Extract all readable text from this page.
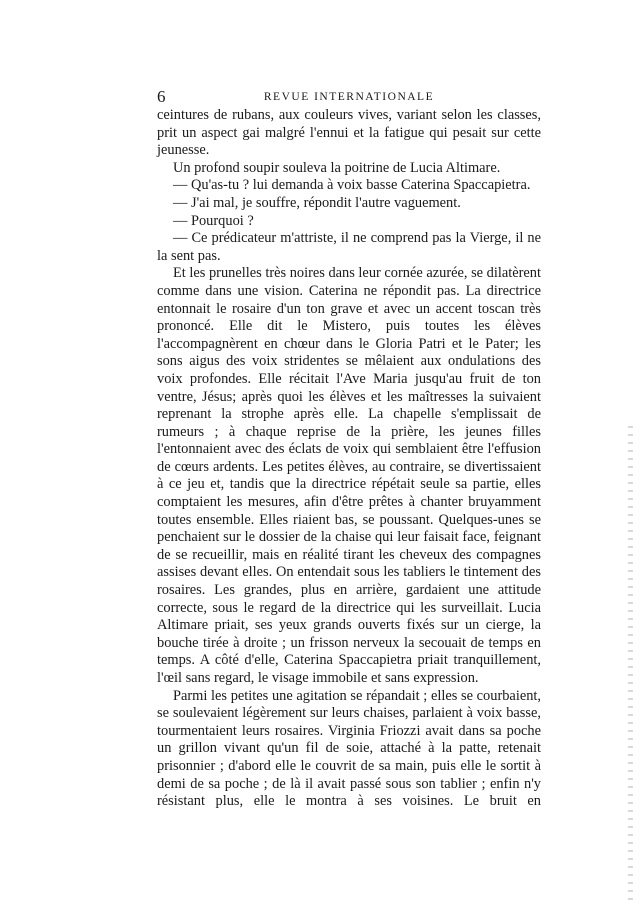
6	REVUE INTERNATIONALE

ceintures de rubans, aux couleurs vives, variant selon les classes, prit un aspect gai malgré l'ennui et la fatigue qui pesait sur cette jeunesse.

Un profond soupir souleva la poitrine de Lucia Altimare.

— Qu'as-tu ? lui demanda à voix basse Caterina Spaccapietra.

— J'ai mal, je souffre, répondit l'autre vaguement.

— Pourquoi ?

— Ce prédicateur m'attriste, il ne comprend pas la Vierge, il ne la sent pas.

Et les prunelles très noires dans leur cornée azurée, se dilatèrent comme dans une vision. Caterina ne répondit pas. La directrice entonnait le rosaire d'un ton grave et avec un accent toscan très prononcé. Elle dit le Mistero, puis toutes les élèves l'accompagnèrent en chœur dans le Gloria Patri et le Pater; les sons aigus des voix stridentes se mêlaient aux ondulations des voix profondes. Elle récitait l'Ave Maria jusqu'au fruit de ton ventre, Jésus; après quoi les élèves et les maîtresses la suivaient reprenant la strophe après elle. La chapelle s'emplissait de rumeurs ; à chaque reprise de la prière, les jeunes filles l'entonnaient avec des éclats de voix qui semblaient être l'effusion de cœurs ardents. Les petites élèves, au contraire, se divertissaient à ce jeu et, tandis que la directrice répétait seule sa partie, elles comptaient les mesures, afin d'être prêtes à chanter bruyamment toutes ensemble. Elles riaient bas, se poussant. Quelques-unes se penchaient sur le dossier de la chaise qui leur faisait face, feignant de se recueillir, mais en réalité tirant les cheveux des compagnes assises devant elles. On entendait sous les tabliers le tintement des rosaires. Les grandes, plus en arrière, gardaient une attitude correcte, sous le regard de la directrice qui les surveillait. Lucia Altimare priait, ses yeux grands ouverts fixés sur un cierge, la bouche tirée à droite ; un frisson nerveux la secouait de temps en temps. A côté d'elle, Caterina Spaccapietra priait tranquillement, l'œil sans regard, le visage immobile et sans expression.

Parmi les petites une agitation se répandait ; elles se courbaient, se soulevaient légèrement sur leurs chaises, parlaient à voix basse, tourmentaient leurs rosaires. Virginia Friozzi avait dans sa poche un grillon vivant qu'un fil de soie, attaché à la patte, retenait prisonnier ; d'abord elle le couvrit de sa main, puis elle le sortit à demi de sa poche ; de là il avait passé sous son tablier ; enfin n'y résistant plus, elle le montra à ses voisines. Le bruit en
